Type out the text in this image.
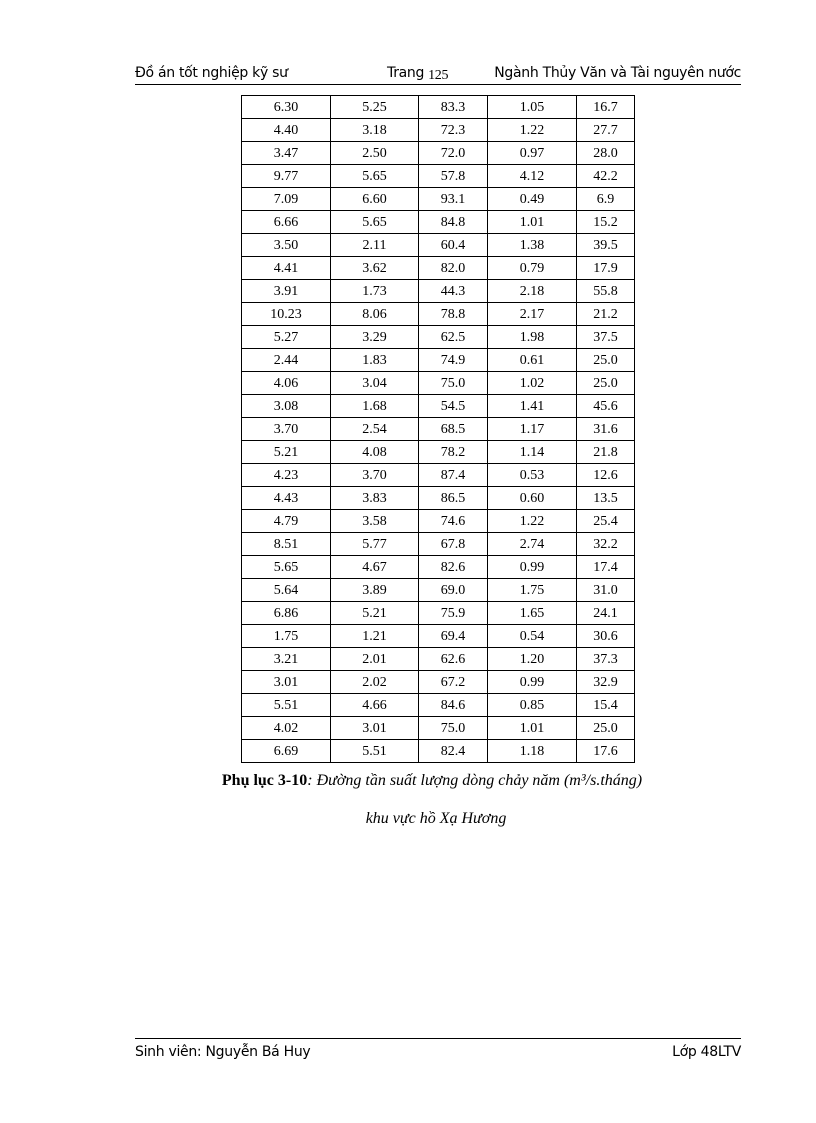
Đồ án tốt nghiệp kỹ sư	Trang 125	Ngành Thủy Văn và Tài nguyên nước
6.30	5.25	83.3	1.05	16.7
4.40	3.18	72.3	1.22	27.7
3.47	2.50	72.0	0.97	28.0
9.77	5.65	57.8	4.12	42.2
7.09	6.60	93.1	0.49	6.9
6.66	5.65	84.8	1.01	15.2
3.50	2.11	60.4	1.38	39.5
4.41	3.62	82.0	0.79	17.9
3.91	1.73	44.3	2.18	55.8
10.23	8.06	78.8	2.17	21.2
5.27	3.29	62.5	1.98	37.5
2.44	1.83	74.9	0.61	25.0
4.06	3.04	75.0	1.02	25.0
3.08	1.68	54.5	1.41	45.6
3.70	2.54	68.5	1.17	31.6
5.21	4.08	78.2	1.14	21.8
4.23	3.70	87.4	0.53	12.6
4.43	3.83	86.5	0.60	13.5
4.79	3.58	74.6	1.22	25.4
8.51	5.77	67.8	2.74	32.2
5.65	4.67	82.6	0.99	17.4
5.64	3.89	69.0	1.75	31.0
6.86	5.21	75.9	1.65	24.1
1.75	1.21	69.4	0.54	30.6
3.21	2.01	62.6	1.20	37.3
3.01	2.02	67.2	0.99	32.9
5.51	4.66	84.6	0.85	15.4
4.02	3.01	75.0	1.01	25.0
6.69	5.51	82.4	1.18	17.6
Phụ lục 3-10: Đường tần suất lượng dòng chảy năm (m³/s.tháng)
khu vực hồ Xạ Hương
Sinh viên: Nguyễn Bá Huy	Lớp 48LTV
